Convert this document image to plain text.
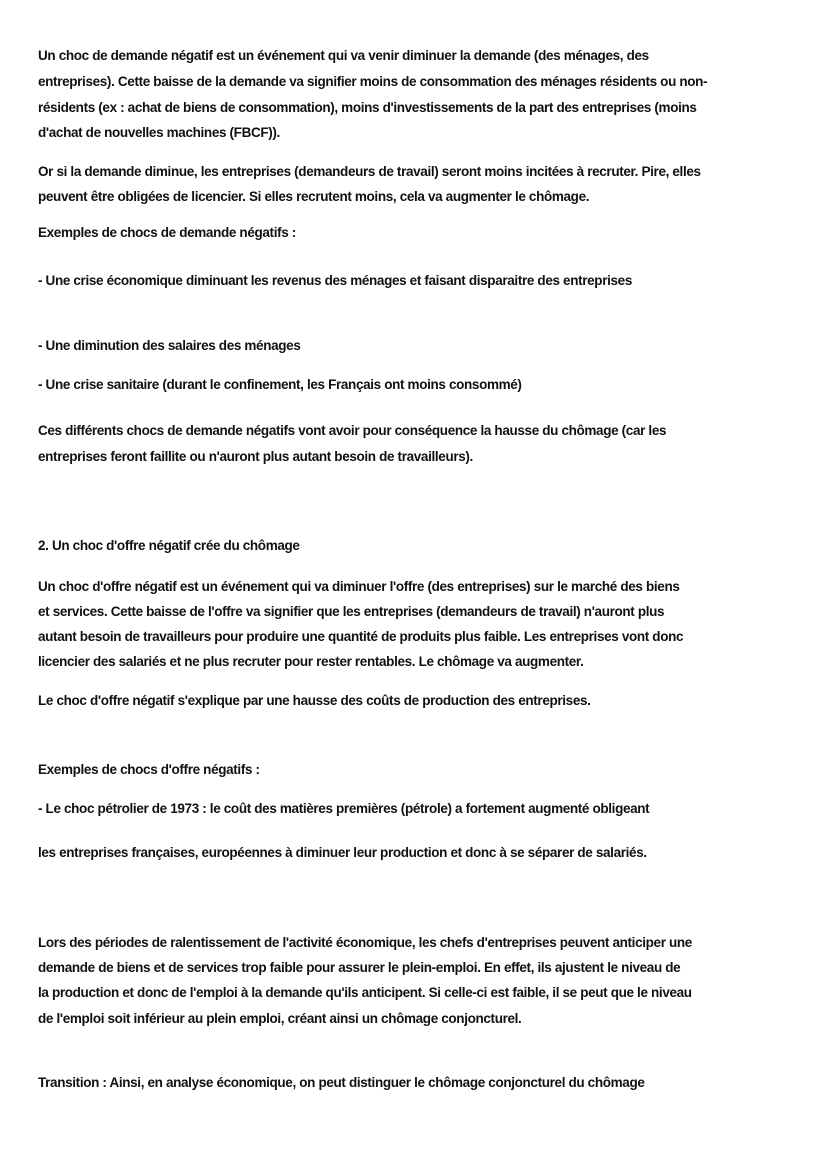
Un choc de demande négatif est un événement qui va venir diminuer la demande (des ménages, des
entreprises). Cette baisse de la demande va signifier moins de consommation des ménages résidents ou non-
résidents (ex : achat de biens de consommation), moins d'investissements de la part des entreprises (moins
d'achat de nouvelles machines (FBCF)).
Or si la demande diminue, les entreprises (demandeurs de travail) seront moins incitées à recruter. Pire, elles
peuvent être obligées de licencier. Si elles recrutent moins, cela va augmenter le chômage.
Exemples de chocs de demande négatifs :
- Une crise économique diminuant les revenus des ménages et faisant disparaitre des entreprises
- Une diminution des salaires des ménages
- Une crise sanitaire (durant le confinement, les Français ont moins consommé)
Ces différents chocs de demande négatifs vont avoir pour conséquence la hausse du chômage (car les
entreprises feront faillite ou n'auront plus autant besoin de travailleurs).
2. Un choc d'offre négatif crée du chômage
Un choc d'offre négatif est un événement qui va diminuer l'offre (des entreprises) sur le marché des biens
et services. Cette baisse de l'offre va signifier que les entreprises (demandeurs de travail) n'auront plus
autant besoin de travailleurs pour produire une quantité de produits plus faible. Les entreprises vont donc
licencier des salariés et ne plus recruter pour rester rentables. Le chômage va augmenter.
Le choc d'offre négatif s'explique par une hausse des coûts de production des entreprises.
Exemples de chocs d'offre négatifs :
- Le choc pétrolier de 1973 : le coût des matières premières (pétrole) a fortement augmenté obligeant
les entreprises françaises, européennes à diminuer leur production et donc à se séparer de salariés.
Lors des périodes de ralentissement de l'activité économique, les chefs d'entreprises peuvent anticiper une
demande de biens et de services trop faible pour assurer le plein-emploi. En effet, ils ajustent le niveau de
la production et donc de l'emploi à la demande qu'ils anticipent. Si celle-ci est faible, il se peut que le niveau
de l'emploi soit inférieur au plein emploi, créant ainsi un chômage conjoncturel.
Transition : Ainsi, en analyse économique, on peut distinguer le chômage conjoncturel du chômage
